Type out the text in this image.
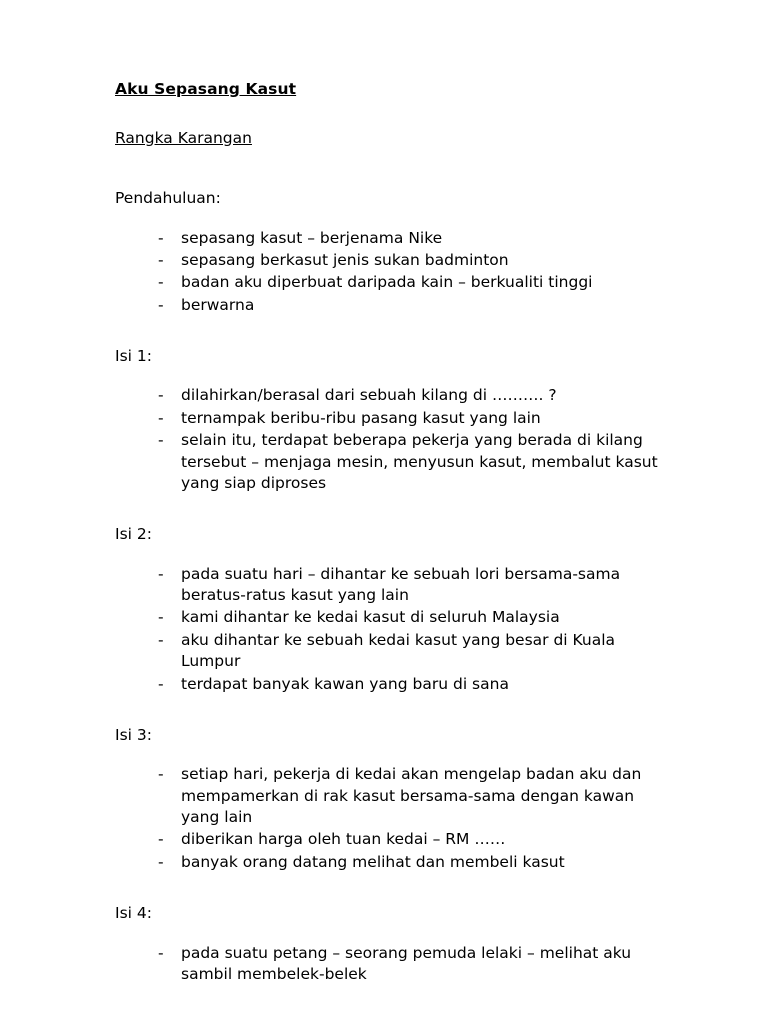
Aku Sepasang Kasut
Rangka Karangan
Pendahuluan:
- sepasang kasut – berjenama Nike
- sepasang berkasut jenis sukan badminton
- badan aku diperbuat daripada kain – berkualiti tinggi
- berwarna
Isi 1:
- dilahirkan/berasal dari sebuah kilang di ………. ?
- ternampak beribu-ribu pasang kasut yang lain
- selain itu, terdapat beberapa pekerja yang berada di kilang tersebut – menjaga mesin, menyusun kasut, membalut kasut yang siap diproses
Isi 2:
- pada suatu hari – dihantar ke sebuah lori bersama-sama beratus-ratus kasut yang lain
- kami dihantar ke kedai kasut di seluruh Malaysia
- aku dihantar ke sebuah kedai kasut yang besar di Kuala Lumpur
- terdapat banyak kawan yang baru di sana
Isi 3:
- setiap hari, pekerja di kedai akan mengelap badan aku dan mempamerkan di rak kasut bersama-sama dengan kawan yang lain
- diberikan harga oleh tuan kedai – RM ……
- banyak orang datang melihat dan membeli kasut
Isi 4:
- pada suatu petang – seorang pemuda lelaki – melihat aku sambil membelek-belek
